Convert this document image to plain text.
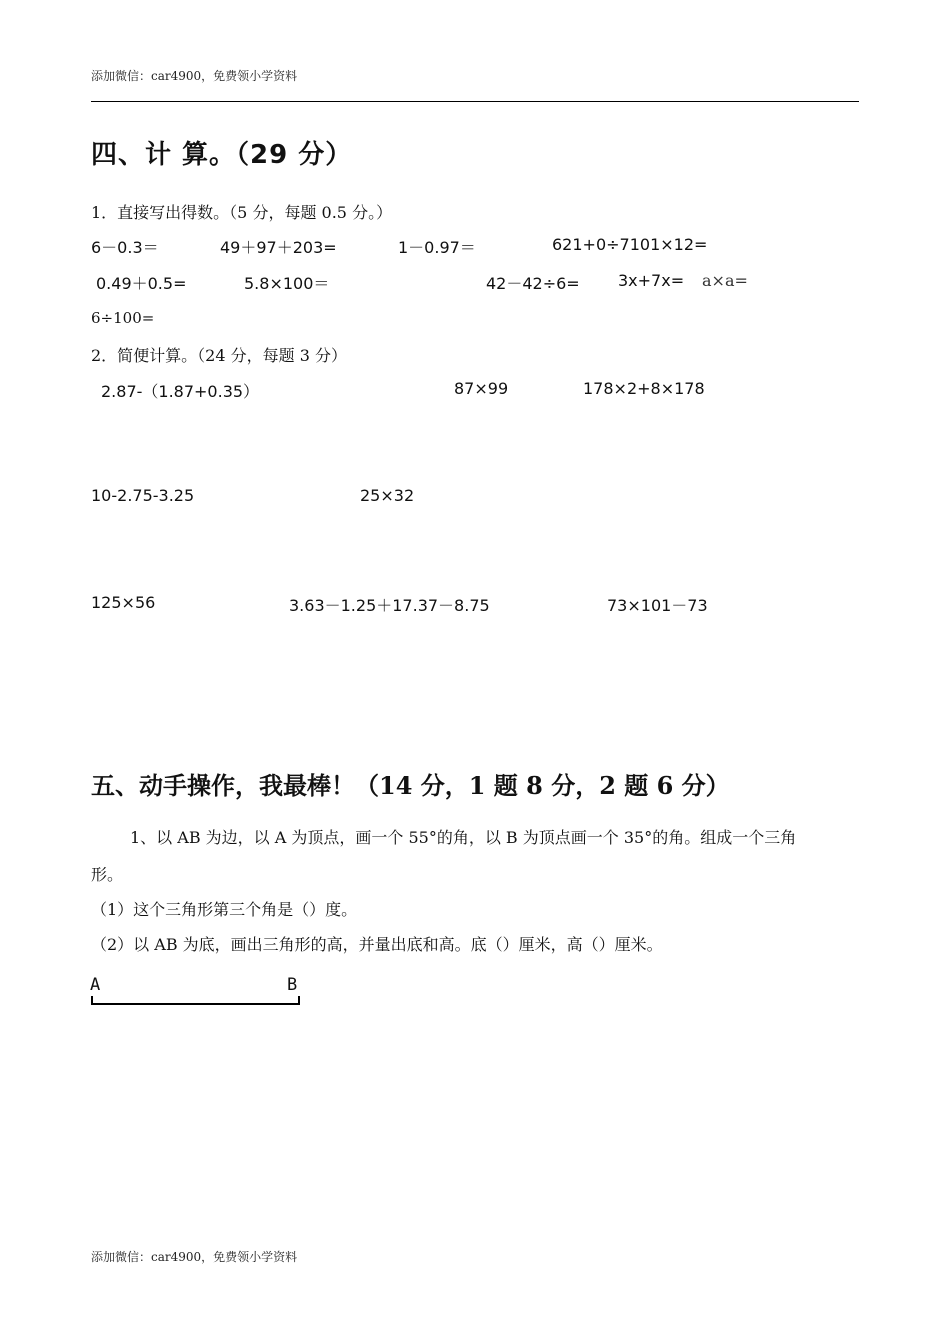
添加微信：car4900，免费领小学资料
四、计 算。（29 分）
1．直接写出得数。（5 分，每题 0.5 分。）
6－0.3＝	49＋97＋203=	1－0.97＝	621+0÷7101×12=
0.49＋0.5=	5.8×100＝	42－42÷6= 3x+7x= a×a=
6÷100=
2．简便计算。（24 分，每题 3 分）
2.87-（1.87+0.35）	87×99	178×2+8×178
10-2.75-3.25	25×32
125×56	3.63－1.25＋17.37－8.75	73×101－73
五、动手操作，我最棒！（14 分，1 题 8 分，2 题 6 分）
1、以 AB 为边，以 A 为顶点，画一个 55°的角，以 B 为顶点画一个 35°的角。组成一个三角
形。
（1）这个三角形第三个角是（）度。
（2）以 AB 为底，画出三角形的高，并量出底和高。底（）厘米，高（）厘米。
A	B
添加微信：car4900，免费领小学资料
